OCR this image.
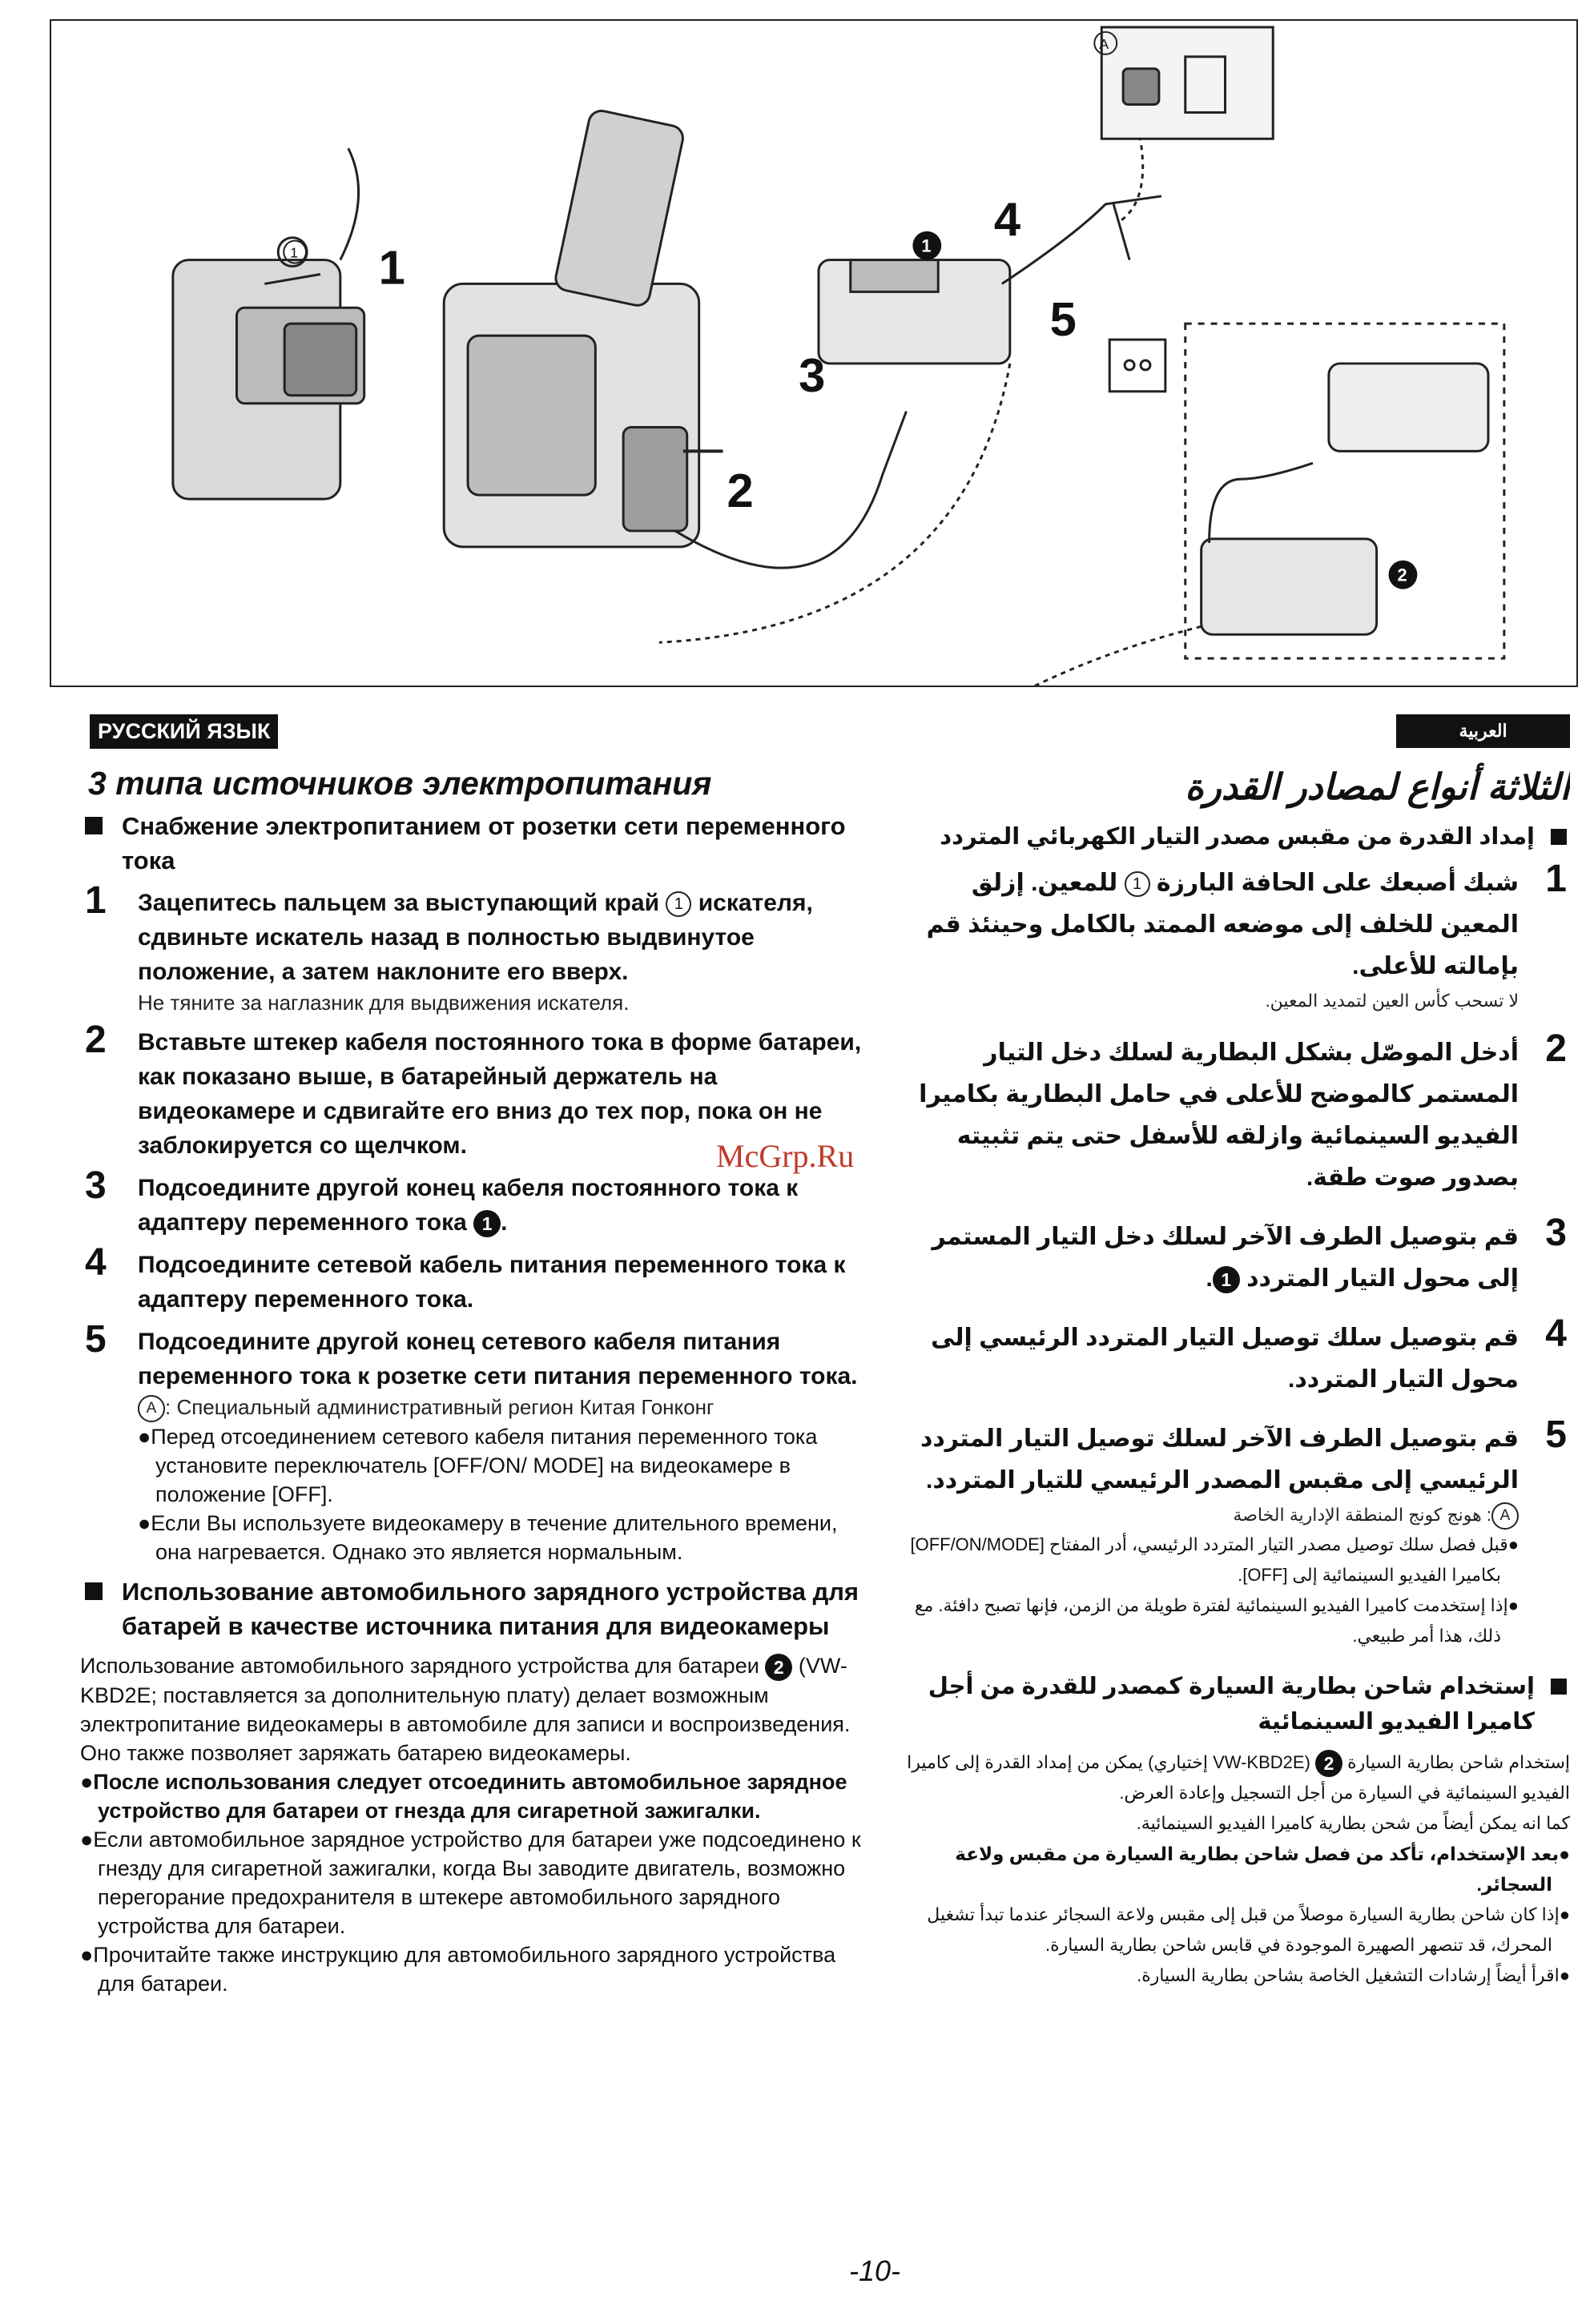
1
2
3
4
5
1
2
1
A
РУССКИЙ ЯЗЫК
3 типа источников электропитания
Снабжение электропитанием от розетки сети переменного тока
1 Зацепитесь пальцем за выступающий край 1 искателя, сдвиньте искатель назад в полностью выдвинутое положение, а затем наклоните его вверх.
Не тяните за наглазник для выдвижения искателя.
2 Вставьте штекер кабеля постоянного тока в форме батареи, как показано выше, в батарейный держатель на видеокамере и сдвигайте его вниз до тех пор, пока он не заблокируется со щелчком.
3 Подсоедините другой конец кабеля постоянного тока к адаптеру переменного тока 1 .
4 Подсоедините сетевой кабель питания переменного тока к адаптеру переменного тока.
5 Подсоедините другой конец сетевого кабеля питания переменного тока к розетке сети питания переменного тока.
A : Специальный административный регион Китая Гонконг
●Перед отсоединением сетевого кабеля питания переменного тока установите переключатель [OFF/ON/ MODE] на видеокамере в положение [OFF].
●Если Вы используете видеокамеру в течение длительного времени, она нагревается. Однако это является нормальным.
Использование автомобильного зарядного устройства для батарей в качестве источника питания для видеокамеры
Использование автомобильного зарядного устройства для батареи 2 (VW-KBD2E; поставляется за дополнительную плату) делает возможным электропитание видеокамеры в автомобиле для записи и воспроизведения.
Оно также позволяет заряжать батарею видеокамеры.
●После использования следует отсоединить автомобильное зарядное устройство для батареи от гнезда для сигаретной зажигалки.
●Если автомобильное зарядное устройство для батареи уже подсоединено к гнезду для сигаретной зажигалки, когда Вы заводите двигатель, возможно перегорание предохранителя в штекере автомобильного зарядного устройства для батареи.
●Прочитайте также инструкцию для автомобильного зарядного устройства для батареи.
العربية
الثلاثة أنواع لمصادر القدرة
إمداد القدرة من مقبس مصدر التيار الكهربائي المتردد
1
شبك أصبعك على الحافة البارزة 1 للمعين. إزلق المعين للخلف إلى موضعه الممتد بالكامل وحينئذ قم بإمالته للأعلى.
لا تسحب كأس العين لتمديد المعين.
2
أدخل الموصّل بشكل البطارية لسلك دخل التيار المستمر كالموضح للأعلى في حامل البطارية بكاميرا الفيديو السينمائية وازلقه للأسفل حتى يتم تثبيته بصدور صوت طقة.
3
قم بتوصيل الطرف الآخر لسلك دخل التيار المستمر إلى محول التيار المتردد 1.
4
قم بتوصيل سلك توصيل التيار المتردد الرئيسي إلى محول التيار المتردد.
5
قم بتوصيل الطرف الآخر لسلك توصيل التيار المتردد الرئيسي إلى مقبس المصدر الرئيسي للتيار المتردد.
A: هونج كونج المنطقة الإدارية الخاصة
●قبل فصل سلك توصيل مصدر التيار المتردد الرئيسي، أدر المفتاح [OFF/ON/MODE] بكاميرا الفيديو السينمائية إلى [OFF].
●إذا إستخدمت كاميرا الفيديو السينمائية لفترة طويلة من الزمن، فإنها تصبح دافئة. مع ذلك، هذا أمر طبيعي.
إستخدام شاحن بطارية السيارة كمصدر للقدرة من أجل كاميرا الفيديو السينمائية
إستخدام شاحن بطارية السيارة 2 (VW-KBD2E إختياري) يمكن من إمداد القدرة إلى كاميرا الفيديو السينمائية في السيارة من أجل التسجيل وإعادة العرض.
كما انه يمكن أيضاً من شحن بطارية كاميرا الفيديو السينمائية.
●بعد الإستخدام، تأكد من فصل شاحن بطارية السيارة من مقبس ولاعة السجائر.
●إذا كان شاحن بطارية السيارة موصلاً من قبل إلى مقبس ولاعة السجائر عندما تبدأ تشغيل المحرك، قد تنصهر الصهيرة الموجودة في قابس شاحن بطارية السيارة.
●اقرأ أيضاً إرشادات التشغيل الخاصة بشاحن بطارية السيارة.
McGrp.Ru
-10-
